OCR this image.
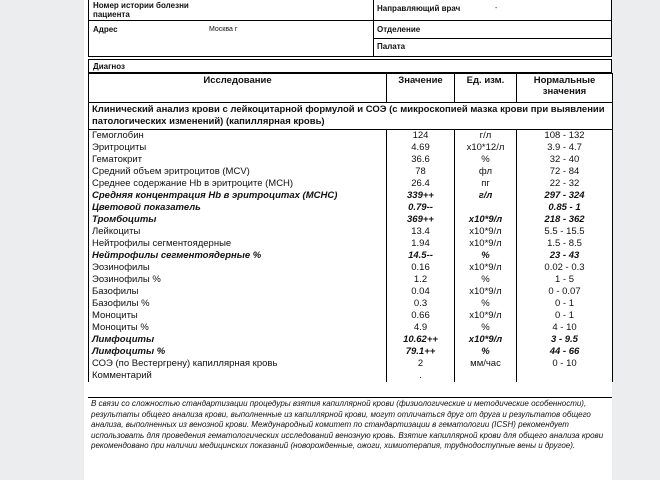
Номер истории болезни пациента
Направляющий врач	-
Адрес	Москва г	Отделение
Палата
Диагноз
Исследование	Значение	Ед. изм.	Нормальные значения
Клинический анализ крови с лейкоцитарной формулой и СОЭ (с микроскопией мазка крови при выявлении патологических изменений) (капиллярная кровь)			
Гемоглобин	124	г/л	108 - 132
Эритроциты	4.69	x10*12/л	3.9 - 4.7
Гематокрит	36.6	%	32 - 40
Средний объем эритроцитов (MCV)	78	фл	72 - 84
Среднее содержание Hb в эритроците (MCH)	26.4	пг	22 - 32
Средняя концентрация Hb в эритроцитах (MCHC)	339++	г/л	297 - 324
Цветовой показатель	0.79--		0.85 - 1
Тромбоциты	369++	x10*9/л	218 - 362
Лейкоциты	13.4	x10*9/л	5.5 - 15.5
Нейтрофилы сегментоядерные	1.94	x10*9/л	1.5 - 8.5
Нейтрофилы сегментоядерные %	14.5--	%	23 - 43
Эозинофилы	0.16	x10*9/л	0.02 - 0.3
Эозинофилы %	1.2	%	1 - 5
Базофилы	0.04	x10*9/л	0 - 0.07
Базофилы %	0.3	%	0 - 1
Моноциты	0.66	x10*9/л	0 - 1
Моноциты %	4.9	%	4 - 10
Лимфоциты	10.62++	x10*9/л	3 - 9.5
Лимфоциты %	79.1++	%	44 - 66
СОЭ (по Вестергрену) капиллярная кровь	2	мм/час	0 - 10
Комментарий	.		
В связи со сложностью стандартизации процедуры взятия капиллярной крови (физиологические и методические особенности), результаты общего анализа крови, выполненные из капиллярной крови, могут отличаться друг от друга и результатов общего анализа, выполненных из венозной крови. Международный комитет по стандартизации в гематологии (ICSH) рекомендует использовать для проведения гематологических исследований венозную кровь. Взятие капиллярной крови для общего анализа крови рекомендовано при наличии медицинских показаний (новорожденные, ожоги, химиотерапия, труднодоступные вены и другое).
